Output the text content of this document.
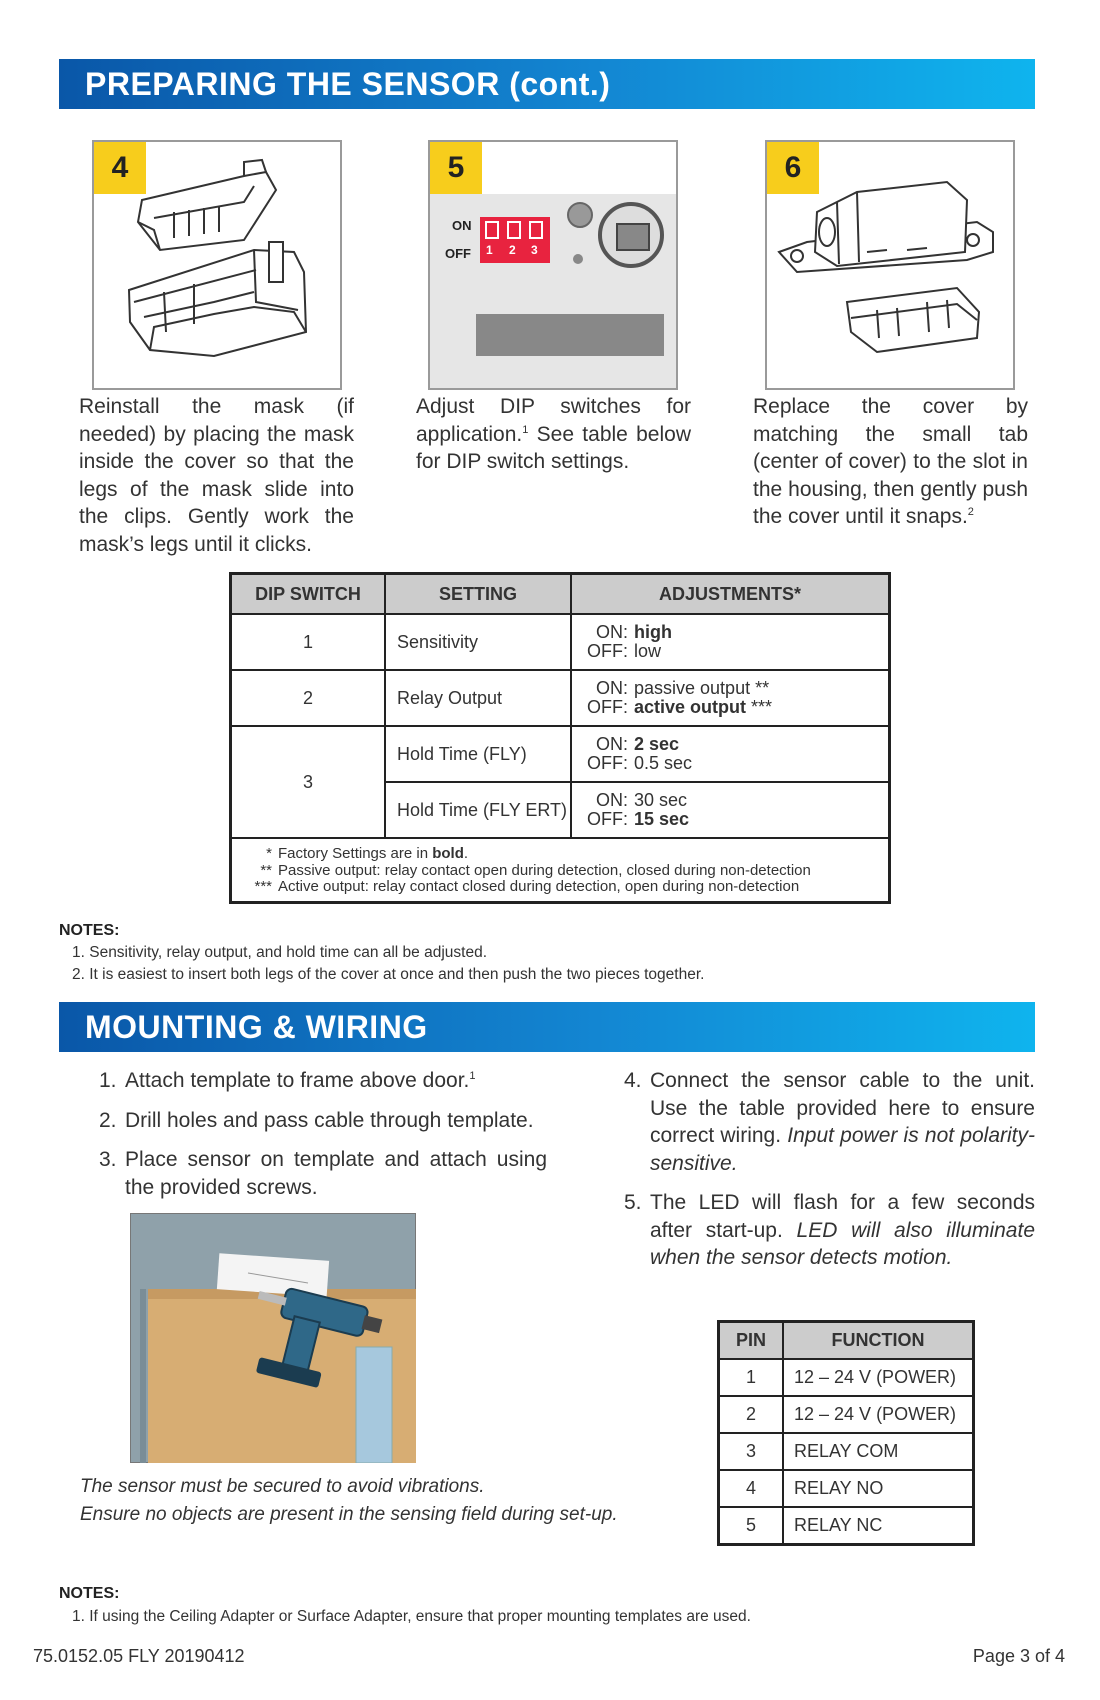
PREPARING THE SENSOR (cont.)
4	5
ON
OFF 1 2 3
6
Reinstall the mask (if needed) by placing the mask inside the cover so that the legs of the mask slide into the clips. Gently work the mask’s legs until it clicks.
Adjust DIP switches for application.$^1$ See table below for DIP switch settings.
Replace the cover by matching the small tab (center of cover) to the slot in the housing, then gently push the cover until it snaps.$^2$
DIP SWITCH	SETTING	ADJUSTMENTS*
1	Sensitivity	ON: high
OFF: low
2	Relay Output	ON: passive output **
OFF: active output ***
3	Hold Time (FLY)	ON: 2 sec
OFF: 0.5 sec
	Hold Time (FLY ERT)	ON: 30 sec
OFF: 15 sec

* Factory Settings are in bold.
** Passive output: relay contact open during detection, closed during non-detection
*** Active output: relay contact closed during detection, open during non-detection		
NOTES:
1. Sensitivity, relay output, and hold time can all be adjusted.
2. It is easiest to insert both legs of the cover at once and then push the two pieces together.
MOUNTING & WIRING
1. Attach template to frame above door.$^1$
2. Drill holes and pass cable through template.
3. Place sensor on template and attach using the provided screws.
4. Connect the sensor cable to the unit. Use the table provided here to ensure correct wiring. Input power is not polarity-sensitive.
5. The LED will flash for a few seconds after start-up. LED will also illuminate when the sensor detects motion.
The sensor must be secured to avoid vibrations.
Ensure no objects are present in the sensing field during set-up.
PIN	FUNCTION
1	12 – 24 V (POWER)
2	12 – 24 V (POWER)
3	RELAY COM
4	RELAY NO
5	RELAY NC
NOTES:
1. If using the Ceiling Adapter or Surface Adapter, ensure that proper mounting templates are used.
75.0152.05 FLY 20190412	Page 3 of 4
